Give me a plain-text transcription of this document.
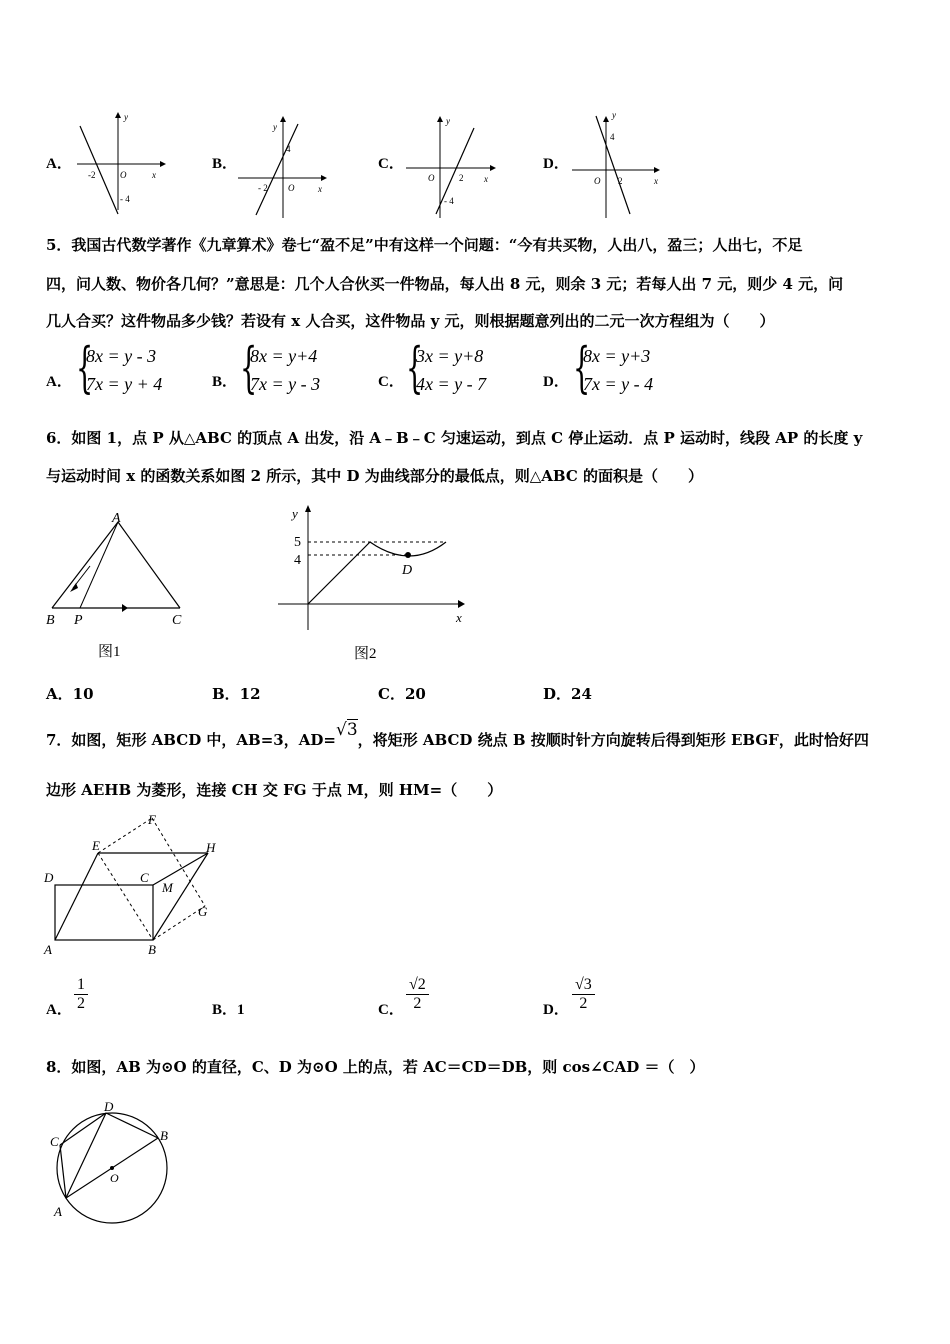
A．
y
x
O
-2
- 4
B．
y
x
O
- 2
4
C．
y
x
O	2
- 4
D．
x
O 2
4
y
5．我国古代数学著作《九章算术》卷七“盈不足”中有这样一个问题：“今有共买物，人出八，盈三；人出七，不足
四，问人数、物价各几何？”意思是：几个人合伙买一件物品，每人出 8 元，则余 3 元；若每人出 7 元，则少 4 元，问
几人合买？这件物品多少钱？若设有 x 人合买，这件物品 y 元，则根据题意列出的二元一次方程组为（　　）
A． {
8x = y - 3
7x = y + 4	B． {
8x = y+4
7x = y - 3	C． {
3x = y+8
4x = y - 7	D． {
8x = y+3
7x = y - 4
6．如图 1，点 P 从△ABC 的顶点 A 出发，沿 A﹣B﹣C 匀速运动，到点 C 停止运动．点 P 运动时，线段 AP 的长度 y
与运动时间 x 的函数关系如图 2 所示，其中 D 为曲线部分的最低点，则△ABC 的面积是（　　）
A
B P	C
图1
y
x
5
4
D
图2
A．10	B．12	C．20	D．24
7．如图，矩形 ABCD 中，AB=3，AD=√3，将矩形 ABCD 绕点 B 按顺时针方向旋转后得到矩形 EBGF，此时恰好四
边形 AEHB 为菱形，连接 CH 交 FG 于点 M，则 HM=（　　）
D
A	B
C
E
F
H
G
M
A． $\frac{1}{2}$	B．1	C． $\frac{√2}{2}$	D． $\frac{√3}{2}$
8．如图，AB 为⊙O 的直径，C、D 为⊙O 上的点，若 AC＝CD＝DB，则 cos∠CAD ＝（　）
A
B
C
D
O
